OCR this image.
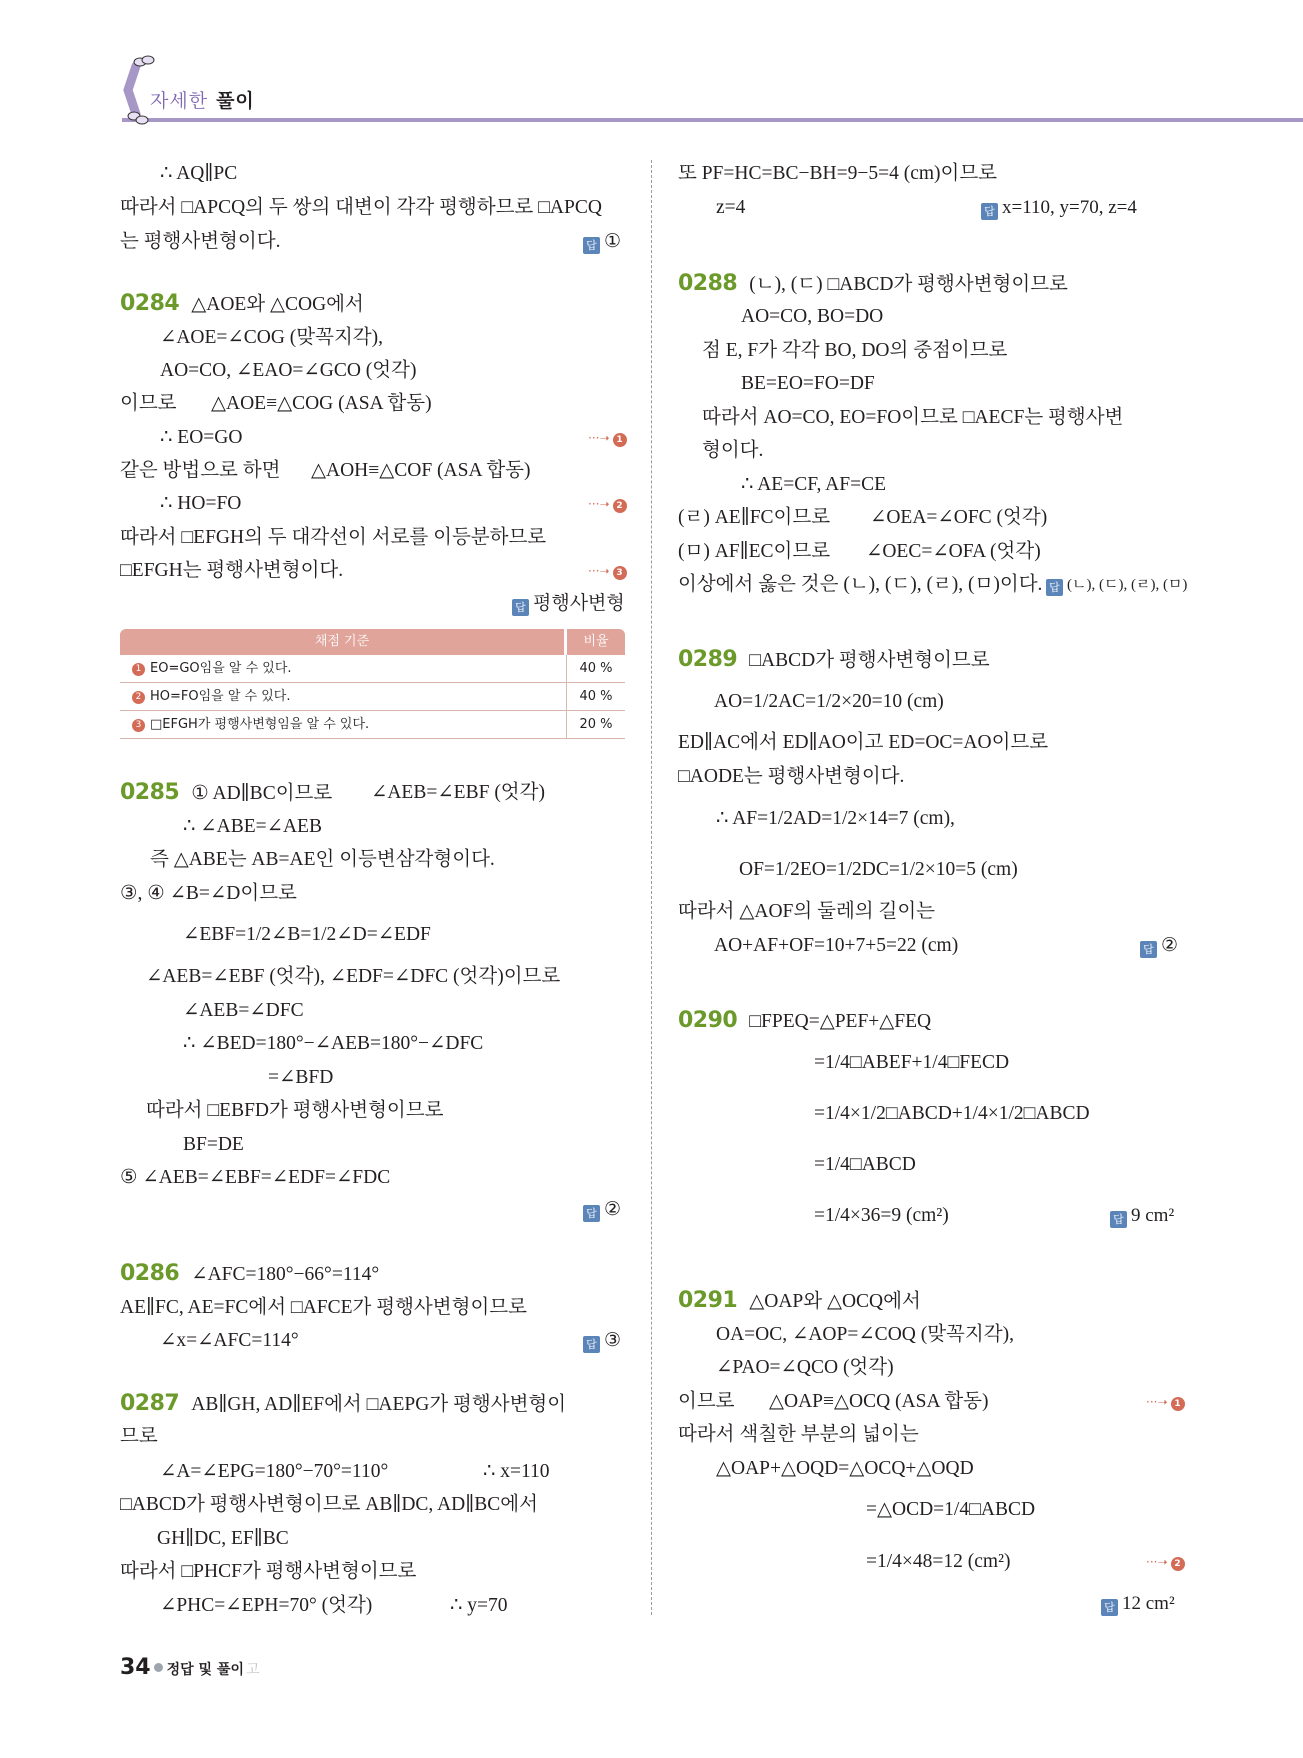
자세한 풀이
∴ AQ∥PC
따라서 □APCQ의 두 쌍의 대변이 각각 평행하므로 □APCQ
는 평행사변형이다.	답 ①
0284 △AOE와 △COG에서
∠AOE=∠COG (맞꼭지각),
AO=CO, ∠EAO=∠GCO (엇각)
이므로 △AOE≡△COG (ASA 합동)
∴ EO=GO	···➝ 1
같은 방법으로 하면 △AOH≡△COF (ASA 합동)
∴ HO=FO	···➝ 2
따라서 □EFGH의 두 대각선이 서로를 이등분하므로
□EFGH는 평행사변형이다.	···➝ 3
답 평행사변형
채점 기준	비율
1 EO=GO임을 알 수 있다.	40 %
2 HO=FO임을 알 수 있다.	40 %
3 □EFGH가 평행사변형임을 알 수 있다.	20 %
0285 ① AD∥BC이므로 ∠AEB=∠EBF (엇각)
∴ ∠ABE=∠AEB
즉 △ABE는 AB=AE인 이등변삼각형이다.
③, ④ ∠B=∠D이므로
∠EBF=1/2∠B=1/2∠D=∠EDF
∠AEB=∠EBF (엇각), ∠EDF=∠DFC (엇각)이므로
∠AEB=∠DFC
∴ ∠BED=180°−∠AEB=180°−∠DFC
=∠BFD
따라서 □EBFD가 평행사변형이므로
BF=DE
⑤ ∠AEB=∠EBF=∠EDF=∠FDC
답 ②
0286 ∠AFC=180°−66°=114°
AE∥FC, AE=FC에서 □AFCE가 평행사변형이므로
∠x=∠AFC=114°	답 ③
0287 AB∥GH, AD∥EF에서 □AEPG가 평행사변형이
므로
∠A=∠EPG=180°−70°=110°	∴ x=110
□ABCD가 평행사변형이므로 AB∥DC, AD∥BC에서
GH∥DC, EF∥BC
따라서 □PHCF가 평행사변형이므로
∠PHC=∠EPH=70° (엇각)	∴ y=70
또 PF=HC=BC−BH=9−5=4 (cm)이므로
z=4	답 x=110, y=70, z=4
0288 (ㄴ), (ㄷ) □ABCD가 평행사변형이므로
AO=CO, BO=DO
점 E, F가 각각 BO, DO의 중점이므로
BE=EO=FO=DF
따라서 AO=CO, EO=FO이므로 □AECF는 평행사변
형이다.
∴ AE=CF, AF=CE
(ㄹ) AE∥FC이므로 ∠OEA=∠OFC (엇각)
(ㅁ) AF∥EC이므로 ∠OEC=∠OFA (엇각)
이상에서 옳은 것은 (ㄴ), (ㄷ), (ㄹ), (ㅁ)이다. 답 (ㄴ), (ㄷ), (ㄹ), (ㅁ)
0289 □ABCD가 평행사변형이므로
AO=1/2AC=1/2×20=10 (cm)
ED∥AC에서 ED∥AO이고 ED=OC=AO이므로
□AODE는 평행사변형이다.
∴ AF=1/2AD=1/2×14=7 (cm),
OF=1/2EO=1/2DC=1/2×10=5 (cm)
따라서 △AOF의 둘레의 길이는
AO+AF+OF=10+7+5=22 (cm)	답 ②
0290 □FPEQ=△PEF+△FEQ
=1/4□ABEF+1/4□FECD
=1/4×1/2□ABCD+1/4×1/2□ABCD
=1/4□ABCD
=1/4×36=9 (cm²)	답 9 cm²
0291 △OAP와 △OCQ에서
OA=OC, ∠AOP=∠COQ (맞꼭지각),
∠PAO=∠QCO (엇각)
이므로 △OAP≡△OCQ (ASA 합동)	···➝ 1
따라서 색칠한 부분의 넓이는
△OAP+△OQD=△OCQ+△OQD
=△OCD=1/4□ABCD
=1/4×48=12 (cm²)	···➝ 2
답 12 cm²
34 정답 및 풀이 고
